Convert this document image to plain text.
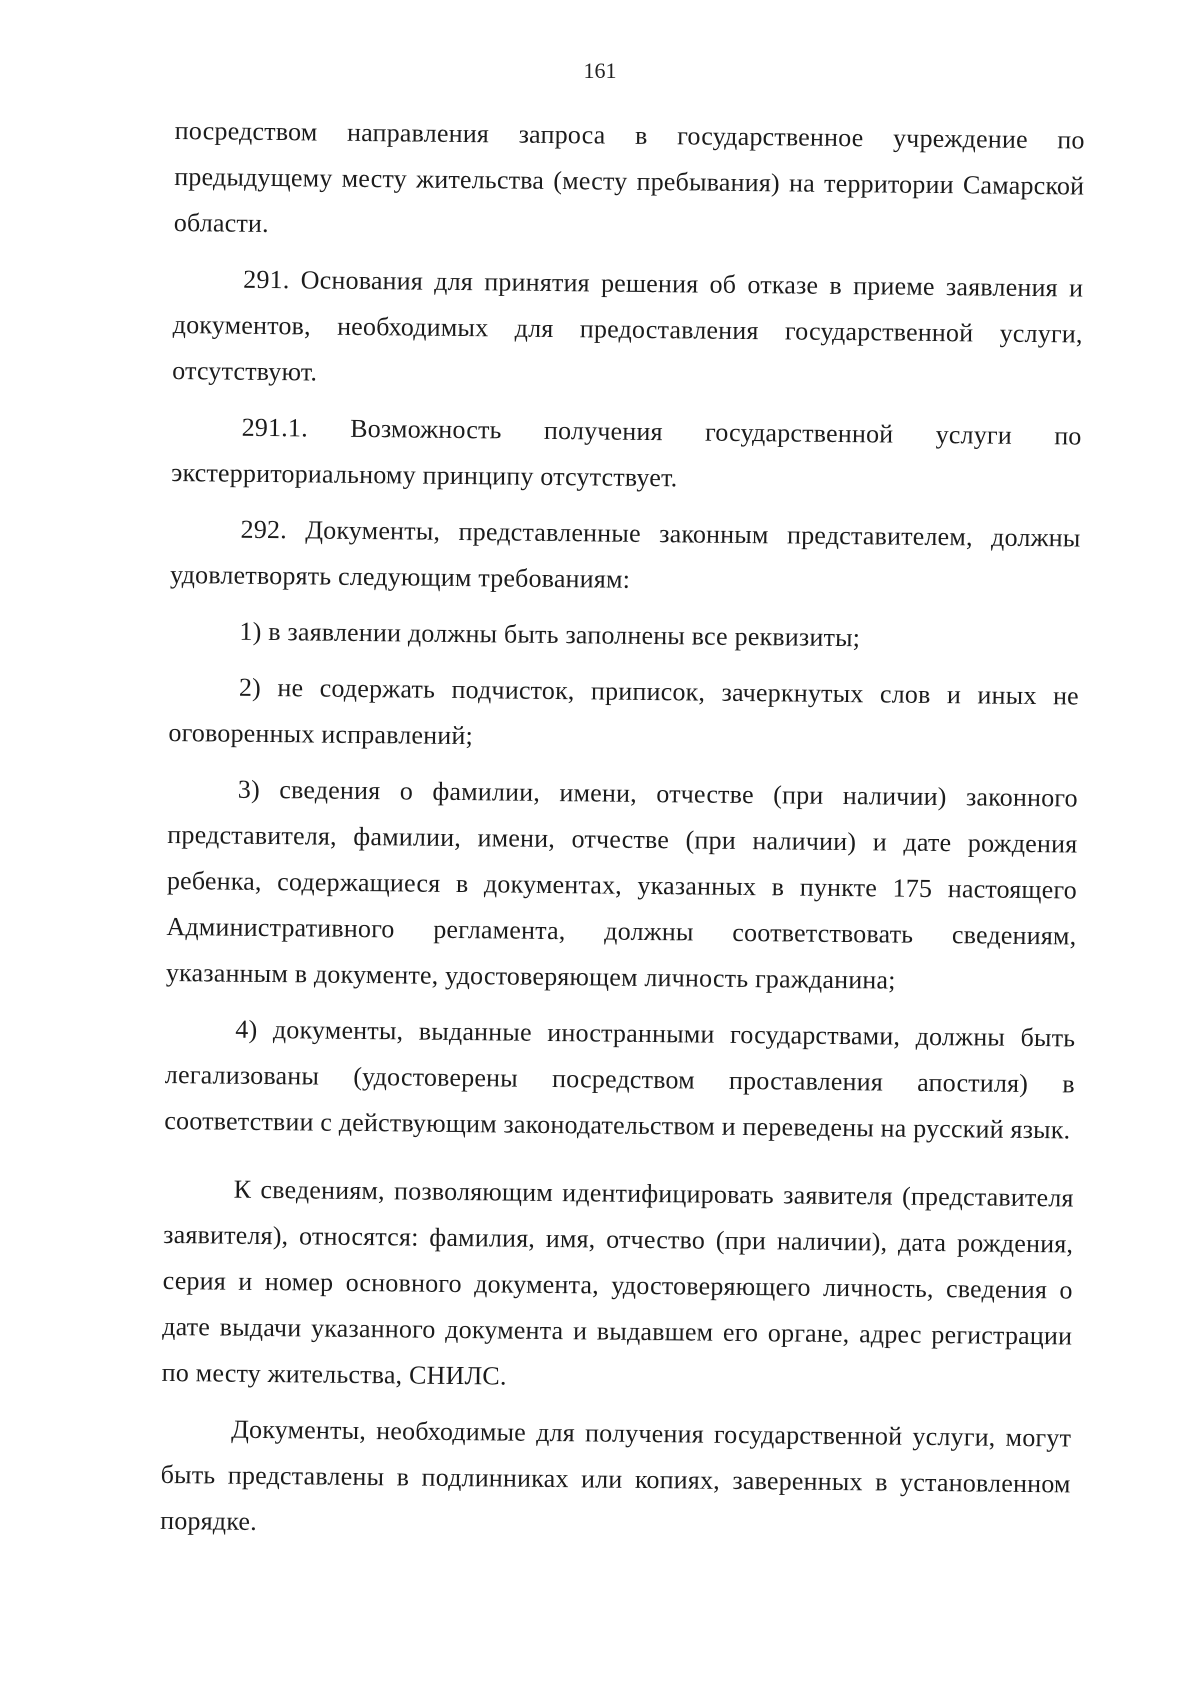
161

посредством направления запроса в государственное учреждение по предыдущему месту жительства (месту пребывания) на территории Самарской области.

291. Основания для принятия решения об отказе в приеме заявления и документов, необходимых для предоставления государственной услуги, отсутствуют.

291.1. Возможность получения государственной услуги по экстерриториальному принципу отсутствует.

292. Документы, представленные законным представителем, должны удовлетворять следующим требованиям:

1) в заявлении должны быть заполнены все реквизиты;

2) не содержать подчисток, приписок, зачеркнутых слов и иных не оговоренных исправлений;

3) сведения о фамилии, имени, отчестве (при наличии) законного представителя, фамилии, имени, отчестве (при наличии) и дате рождения ребенка, содержащиеся в документах, указанных в пункте 175 настоящего Административного регламента, должны соответствовать сведениям, указанным в документе, удостоверяющем личность гражданина;

4) документы, выданные иностранными государствами, должны быть легализованы (удостоверены посредством проставления апостиля) в соответствии с действующим законодательством и переведены на русский язык.

К сведениям, позволяющим идентифицировать заявителя (представителя заявителя), относятся: фамилия, имя, отчество (при наличии), дата рождения, серия и номер основного документа, удостоверяющего личность, сведения о дате выдачи указанного документа и выдавшем его органе, адрес регистрации по месту жительства, СНИЛС.

Документы, необходимые для получения государственной услуги, могут быть представлены в подлинниках или копиях, заверенных в установленном порядке.
